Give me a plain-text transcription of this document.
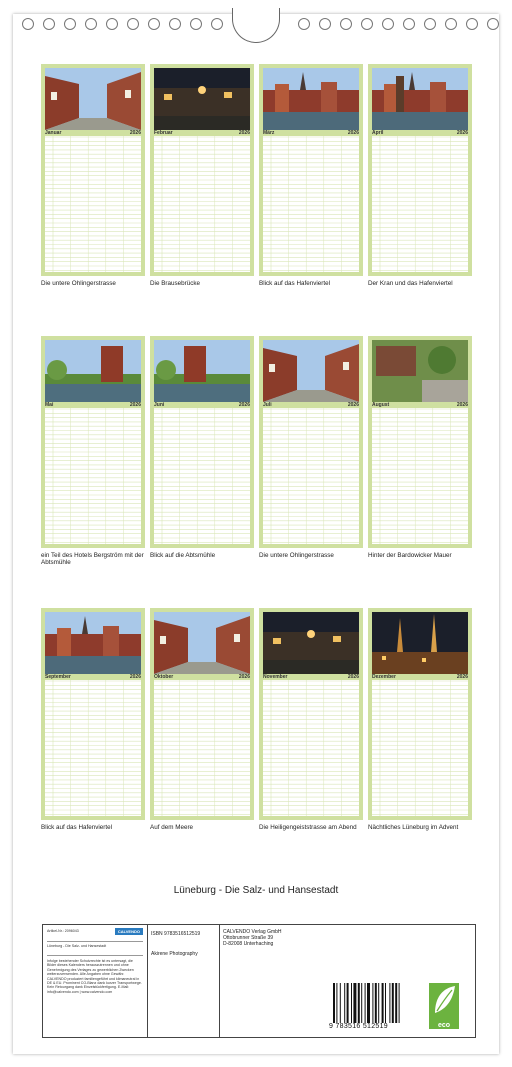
Januar	2026
Die untere Ohlingerstrasse
Februar	2026
Die Brausebrücke
März	2026
Blick auf das Hafenviertel
April	2026
Der Kran und das Hafenviertel
Mai	2026
ein Teil des Hotels Bergström mit der Abtsmühle
Juni	2026
Blick auf die Abtsmühle
Juli	2026
Die untere Ohlingerstrasse
August	2026
Hinter der Bardowicker Mauer
September	2026
Blick auf das Hafenviertel
Oktober	2026
Auf dem Meere
November	2026
Die Heiligengeiststrasse am Abend
Dezember	2026
Nächtliches Lüneburg im Advent
Lüneburg - Die Salz- und Hansestadt
Artikel-Nr.: 2096043	CALVENDO
Lüneburg - Die Salz- und Hansestadt
Infolge bestehender Schutzrechte ist es untersagt, die Bilder dieses Kalenders herauszutrennen und ohne Genehmigung des Verlages zu gewerblichen Zwecken weiterzuverwenden. Alle Angaben ohne Gewähr. CALVENDO produziert familiengeführt und klimaneutral in DE & EU. Prominent CO-Blanz dank kurzer Transportwege. Kein Retourgang dank Einzelstückfertigung. E-Mail: info@calvendo.com | www.calvendo.com
ISBN 9783516512519
Akirene Photography
CALVENDO Verlag GmbH
Ottobrunner Straße 39
D-82008 Unterhaching
9 783516 512519	eco
